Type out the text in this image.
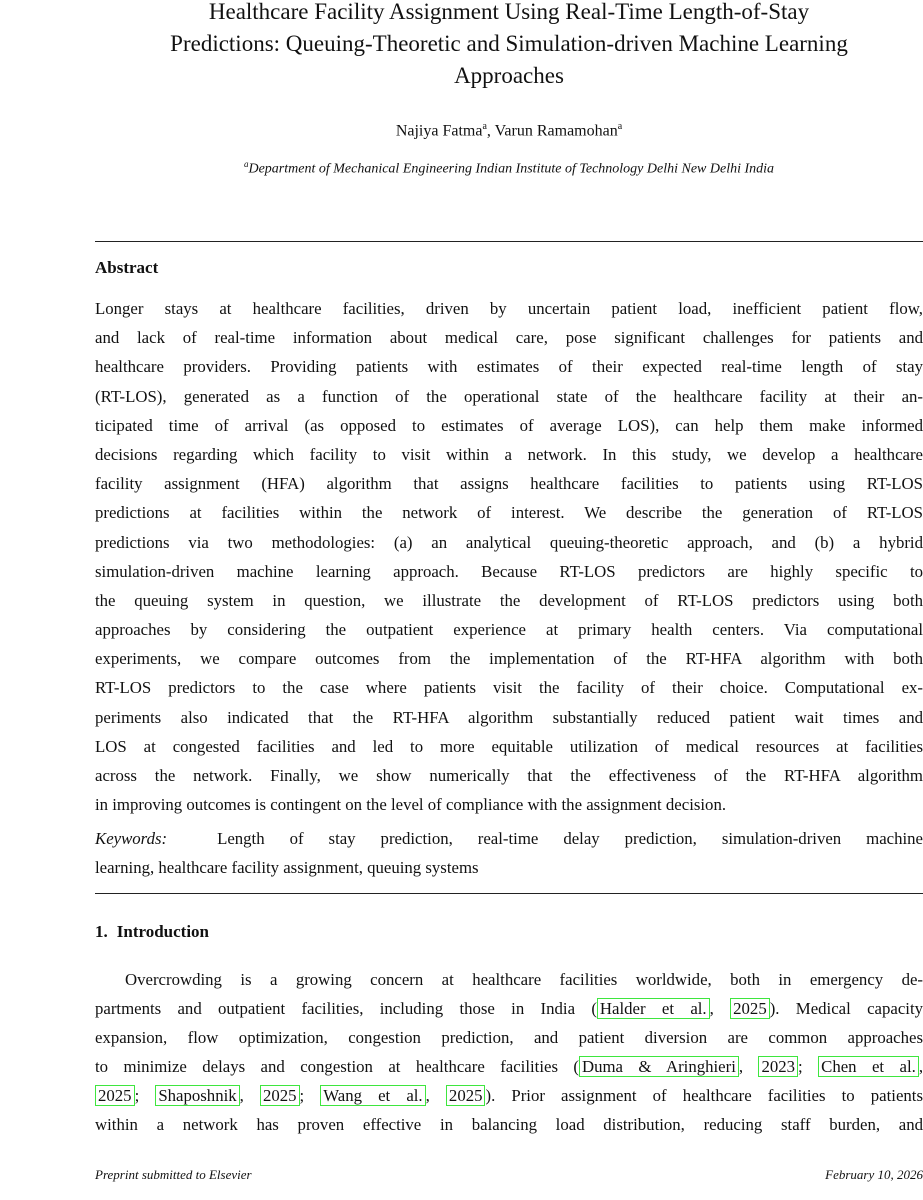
Healthcare Facility Assignment Using Real-Time Length-of-Stay
Predictions: Queuing-Theoretic and Simulation-driven Machine Learning
Approaches
Najiya Fatma$^a$, Varun Ramamohan$^a$
$^a$Department of Mechanical Engineering Indian Institute of Technology Delhi New Delhi India
Abstract
Longer stays at healthcare facilities, driven by uncertain patient load, inefficient patient flow,
and lack of real-time information about medical care, pose significant challenges for patients and
healthcare providers. Providing patients with estimates of their expected real-time length of stay
(RT-LOS), generated as a function of the operational state of the healthcare facility at their an-
ticipated time of arrival (as opposed to estimates of average LOS), can help them make informed
decisions regarding which facility to visit within a network. In this study, we develop a healthcare
facility assignment (HFA) algorithm that assigns healthcare facilities to patients using RT-LOS
predictions at facilities within the network of interest. We describe the generation of RT-LOS
predictions via two methodologies: (a) an analytical queuing-theoretic approach, and (b) a hybrid
simulation-driven machine learning approach. Because RT-LOS predictors are highly specific to
the queuing system in question, we illustrate the development of RT-LOS predictors using both
approaches by considering the outpatient experience at primary health centers. Via computational
experiments, we compare outcomes from the implementation of the RT-HFA algorithm with both
RT-LOS predictors to the case where patients visit the facility of their choice. Computational ex-
periments also indicated that the RT-HFA algorithm substantially reduced patient wait times and
LOS at congested facilities and led to more equitable utilization of medical resources at facilities
across the network. Finally, we show numerically that the effectiveness of the RT-HFA algorithm
in improving outcomes is contingent on the level of compliance with the assignment decision.
Keywords:	Length of stay prediction, real-time delay prediction, simulation-driven machine
learning, healthcare facility assignment, queuing systems
1. Introduction
Overcrowding is a growing concern at healthcare facilities worldwide, both in emergency de-
partments and outpatient facilities, including those in India ( Halder et al. , 2025 ). Medical capacity
expansion, flow optimization, congestion prediction, and patient diversion are common approaches
to minimize delays and congestion at healthcare facilities ( Duma & Aringhieri , 2023 ; Chen et al. ,
2025 ; Shaposhnik , 2025 ; Wang et al. , 2025 ). Prior assignment of healthcare facilities to patients
within a network has proven effective in balancing load distribution, reducing staff burden, and
Preprint submitted to Elsevier	February 10, 2026
